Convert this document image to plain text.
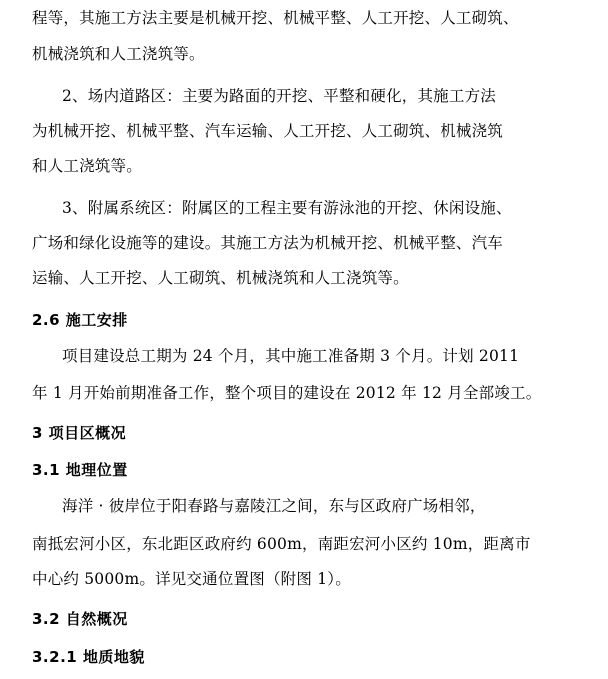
程等，其施工方法主要是机械开挖、机械平整、人工开挖、人工砌筑、
机械浇筑和人工浇筑等。
2、场内道路区：主要为路面的开挖、平整和硬化，其施工方法
为机械开挖、机械平整、汽车运输、人工开挖、人工砌筑、机械浇筑
和人工浇筑等。
3、附属系统区：附属区的工程主要有游泳池的开挖、休闲设施、
广场和绿化设施等的建设。其施工方法为机械开挖、机械平整、汽车
运输、人工开挖、人工砌筑、机械浇筑和人工浇筑等。
2.6 施工安排
项目建设总工期为 24 个月，其中施工准备期 3 个月。计划 2011
年 1 月开始前期准备工作，整个项目的建设在 2012 年 12 月全部竣工。
3 项目区概况
3.1 地理位置
海洋 · 彼岸位于阳春路与嘉陵江之间，东与区政府广场相邻，
南抵宏河小区，东北距区政府约 600m，南距宏河小区约 10m，距离市
中心约 5000m。详见交通位置图（附图 1）。
3.2 自然概况
3.2.1 地质地貌
